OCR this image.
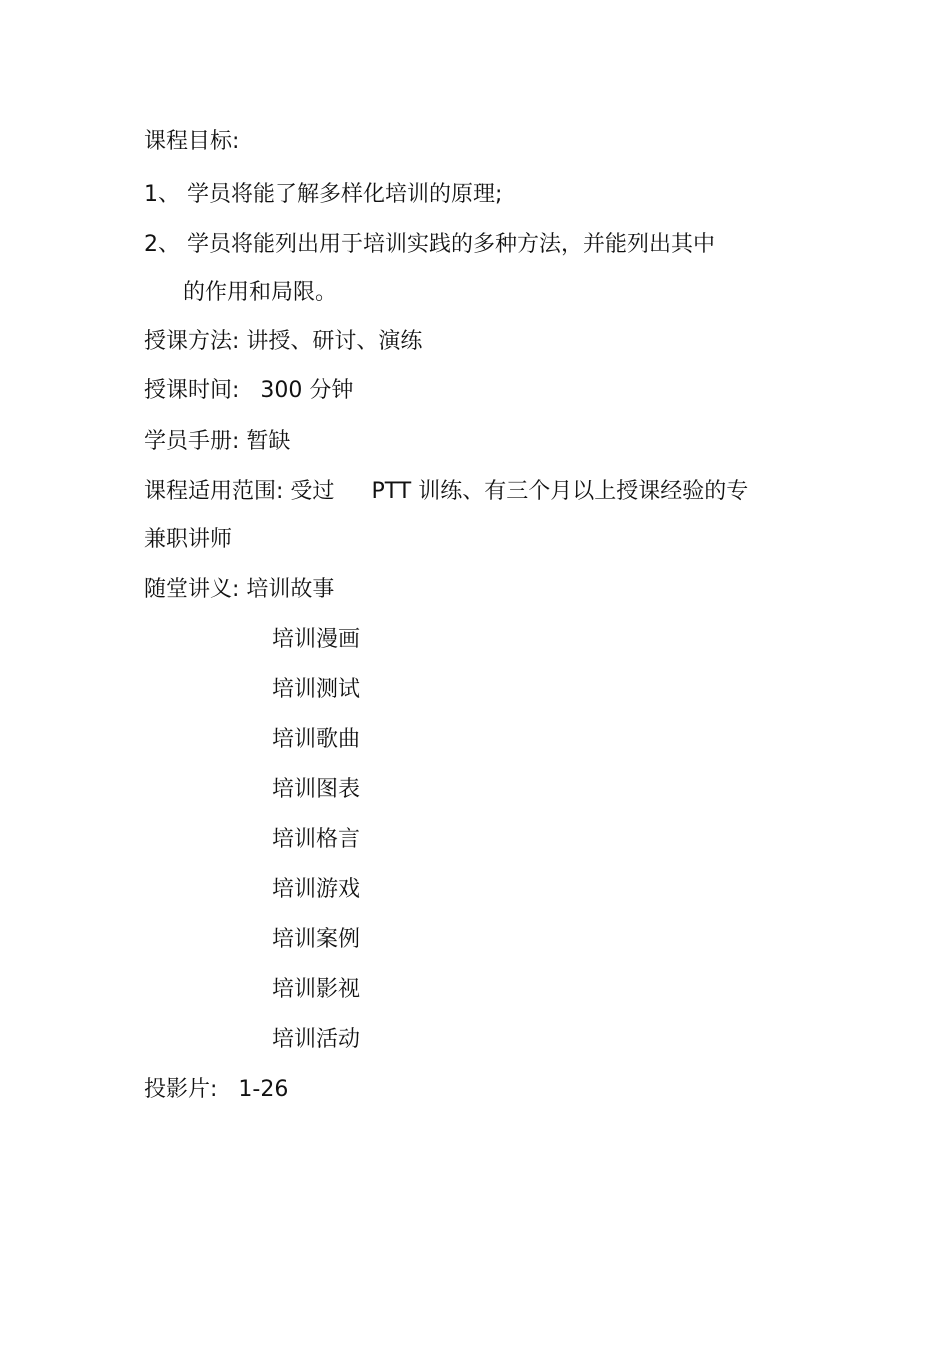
课程目标:
1、 学员将能了解多样化培训的原理;
2、 学员将能列出用于培训实践的多种方法，并能列出其中
的作用和局限。
授课方法: 讲授、研讨、演练
授课时间: 300 分钟
学员手册: 暂缺
课程适用范围: 受过 PTT 训练、有三个月以上授课经验的专
兼职讲师
随堂讲义: 培训故事
培训漫画
培训测试
培训歌曲
培训图表
培训格言
培训游戏
培训案例
培训影视
培训活动
投影片: 1-26
